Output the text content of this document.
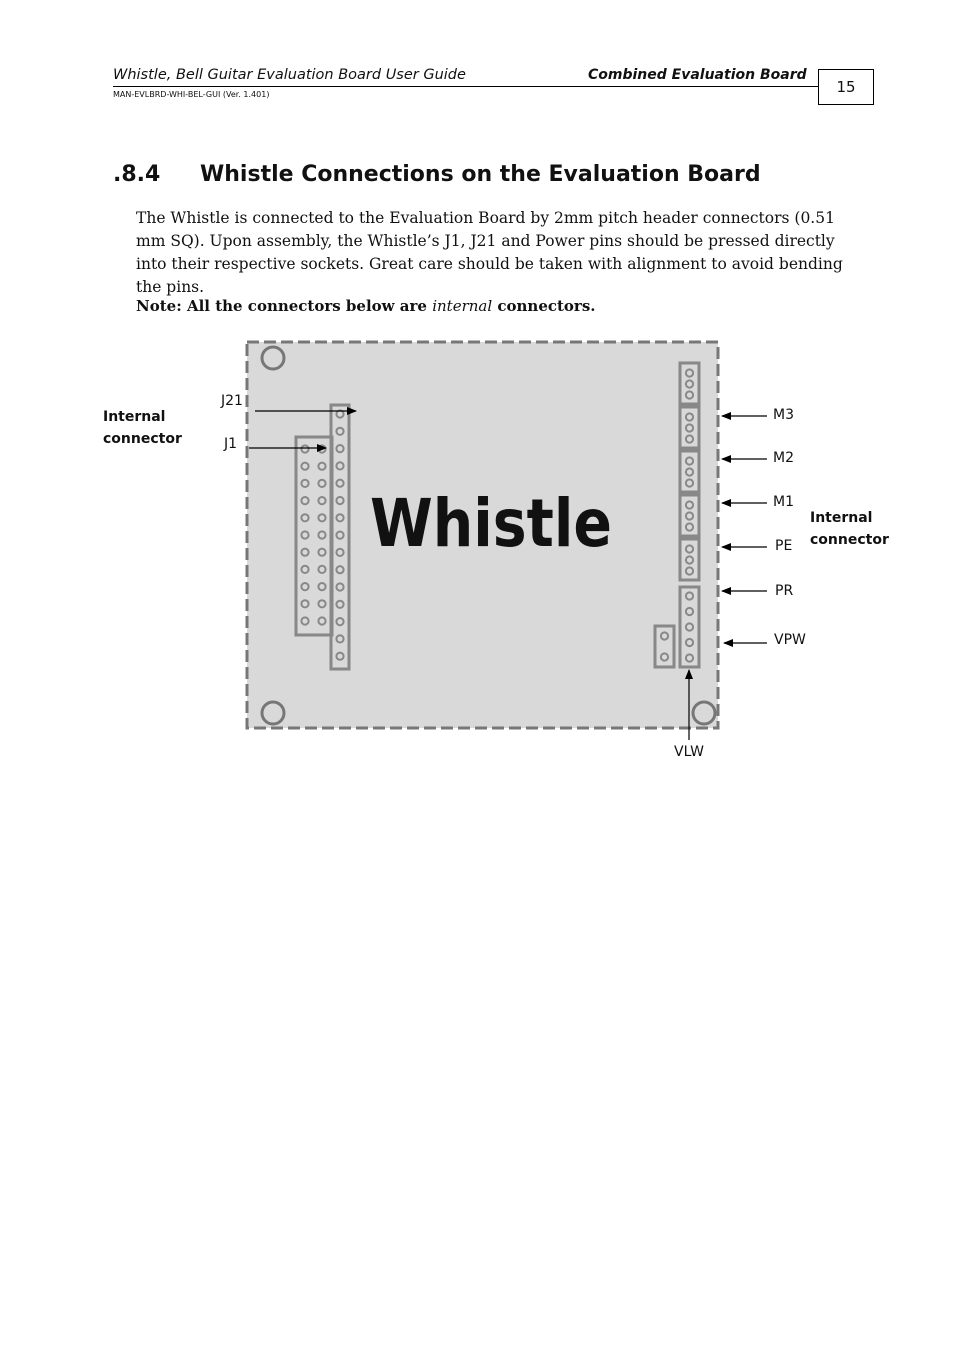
Whistle, Bell Guitar Evaluation Board User Guide	Combined Evaluation Board
MAN-EVLBRD-WHI-BEL-GUI (Ver. 1.401)	15
.8.4 Whistle Connections on the Evaluation Board
The Whistle is connected to the Evaluation Board by 2mm pitch header connectors (0.51 mm SQ). Upon assembly, the Whistle’s J1, J21 and Power pins should be pressed directly into their respective sockets. Great care should be taken with alignment to avoid bending the pins.
Note: All the connectors below are internal connectors.
Whistle
Internal
connector
Internal
connector
J21
J1
M3
M2
M1
PE
PR
VPW
VLW
